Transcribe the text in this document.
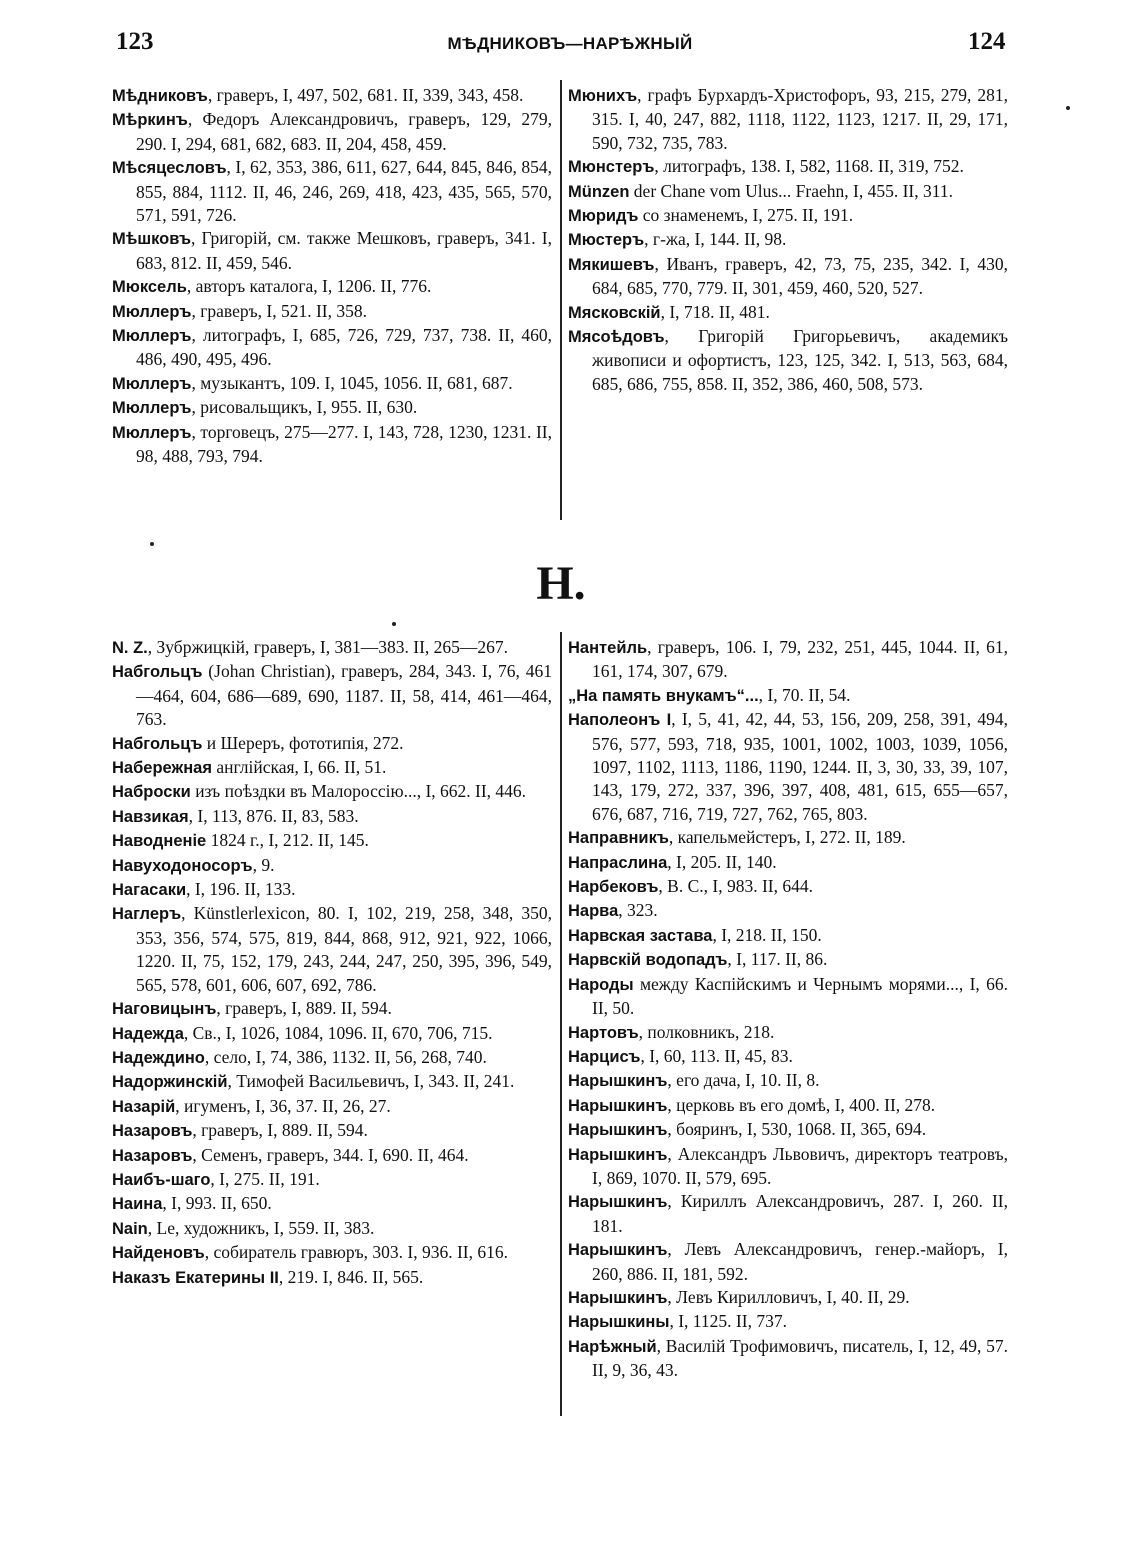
123	МѢДНИКОВЪ—НАРѢЖНЫЙ	124
Мѣдниковъ, граверъ, I, 497, 502, 681. II, 339, 343, 458.
Мѣркинъ, Федоръ Александровичъ, граверъ, 129, 279, 290. I, 294, 681, 682, 683. II, 204, 458, 459.
Мѣсяцесловъ, I, 62, 353, 386, 611, 627, 644, 845, 846, 854, 855, 884, 1112. II, 46, 246, 269, 418, 423, 435, 565, 570, 571, 591, 726.
Мѣшковъ, Григорій, см. также Мешковъ, граверъ, 341. I, 683, 812. II, 459, 546.
Мюксель, авторъ каталога, I, 1206. II, 776.
Мюллеръ, граверъ, I, 521. II, 358.
Мюллеръ, литографъ, I, 685, 726, 729, 737, 738. II, 460, 486, 490, 495, 496.
Мюллеръ, музыкантъ, 109. I, 1045, 1056. II, 681, 687.
Мюллеръ, рисовальщикъ, I, 955. II, 630.
Мюллеръ, торговецъ, 275—277. I, 143, 728, 1230, 1231. II, 98, 488, 793, 794.
Мюнихъ, графъ Бурхардъ-Христофоръ, 93, 215, 279, 281, 315. I, 40, 247, 882, 1118, 1122, 1123, 1217. II, 29, 171, 590, 732, 735, 783.
Мюнстеръ, литографъ, 138. I, 582, 1168. II, 319, 752.
Münzen der Chane vom Ulus... Fraehn, I, 455. II, 311.
Мюридъ со знаменемъ, I, 275. II, 191.
Мюстеръ, г-жа, I, 144. II, 98.
Мякишевъ, Иванъ, граверъ, 42, 73, 75, 235, 342. I, 430, 684, 685, 770, 779. II, 301, 459, 460, 520, 527.
Мясковскій, I, 718. II, 481.
Мясоѣдовъ, Григорій Григорьевичъ, академикъ живописи и офортистъ, 123, 125, 342. I, 513, 563, 684, 685, 686, 755, 858. II, 352, 386, 460, 508, 573.
Н.
N. Z., Зубржицкій, граверъ, I, 381—383. II, 265—267.
Набгольцъ (Johan Christian), граверъ, 284, 343. I, 76, 461—464, 604, 686—689, 690, 1187. II, 58, 414, 461—464, 763.
Набгольцъ и Шереръ, фототипія, 272.
Набережная англійская, I, 66. II, 51.
Наброски изъ поѣздки въ Малороссію..., I, 662. II, 446.
Навзикая, I, 113, 876. II, 83, 583.
Наводненіе 1824 г., I, 212. II, 145.
Навуходоносоръ, 9.
Нагасаки, I, 196. II, 133.
Наглеръ, Künstlerlexicon, 80. I, 102, 219, 258, 348, 350, 353, 356, 574, 575, 819, 844, 868, 912, 921, 922, 1066, 1220. II, 75, 152, 179, 243, 244, 247, 250, 395, 396, 549, 565, 578, 601, 606, 607, 692, 786.
Наговицынъ, граверъ, I, 889. II, 594.
Надежда, Св., I, 1026, 1084, 1096. II, 670, 706, 715.
Надеждино, село, I, 74, 386, 1132. II, 56, 268, 740.
Надоржинскій, Тимофей Васильевичъ, I, 343. II, 241.
Назарій, игуменъ, I, 36, 37. II, 26, 27.
Назаровъ, граверъ, I, 889. II, 594.
Назаровъ, Семенъ, граверъ, 344. I, 690. II, 464.
Наибъ-шаго, I, 275. II, 191.
Наина, I, 993. II, 650.
Nain, Le, художникъ, I, 559. II, 383.
Найденовъ, собиратель гравюръ, 303. I, 936. II, 616.
Наказъ Екатерины II, 219. I, 846. II, 565.
Нантейль, граверъ, 106. I, 79, 232, 251, 445, 1044. II, 61, 161, 174, 307, 679.
„На память внукамъ“..., I, 70. II, 54.
Наполеонъ I, I, 5, 41, 42, 44, 53, 156, 209, 258, 391, 494, 576, 577, 593, 718, 935, 1001, 1002, 1003, 1039, 1056, 1097, 1102, 1113, 1186, 1190, 1244. II, 3, 30, 33, 39, 107, 143, 179, 272, 337, 396, 397, 408, 481, 615, 655—657, 676, 687, 716, 719, 727, 762, 765, 803.
Направникъ, капельмейстеръ, I, 272. II, 189.
Напраслина, I, 205. II, 140.
Нарбековъ, В. С., I, 983. II, 644.
Нарва, 323.
Нарвская застава, I, 218. II, 150.
Нарвскій водопадъ, I, 117. II, 86.
Народы между Каспійскимъ и Чернымъ морями..., I, 66. II, 50.
Нартовъ, полковникъ, 218.
Нарцисъ, I, 60, 113. II, 45, 83.
Нарышкинъ, его дача, I, 10. II, 8.
Нарышкинъ, церковь въ его домѣ, I, 400. II, 278.
Нарышкинъ, бояринъ, I, 530, 1068. II, 365, 694.
Нарышкинъ, Александръ Львовичъ, директоръ театровъ, I, 869, 1070. II, 579, 695.
Нарышкинъ, Кириллъ Александровичъ, 287. I, 260. II, 181.
Нарышкинъ, Левъ Александровичъ, генер.-майоръ, I, 260, 886. II, 181, 592.
Нарышкинъ, Левъ Кирилловичъ, I, 40. II, 29.
Нарышкины, I, 1125. II, 737.
Нарѣжный, Василій Трофимовичъ, писатель, I, 12, 49, 57. II, 9, 36, 43.
